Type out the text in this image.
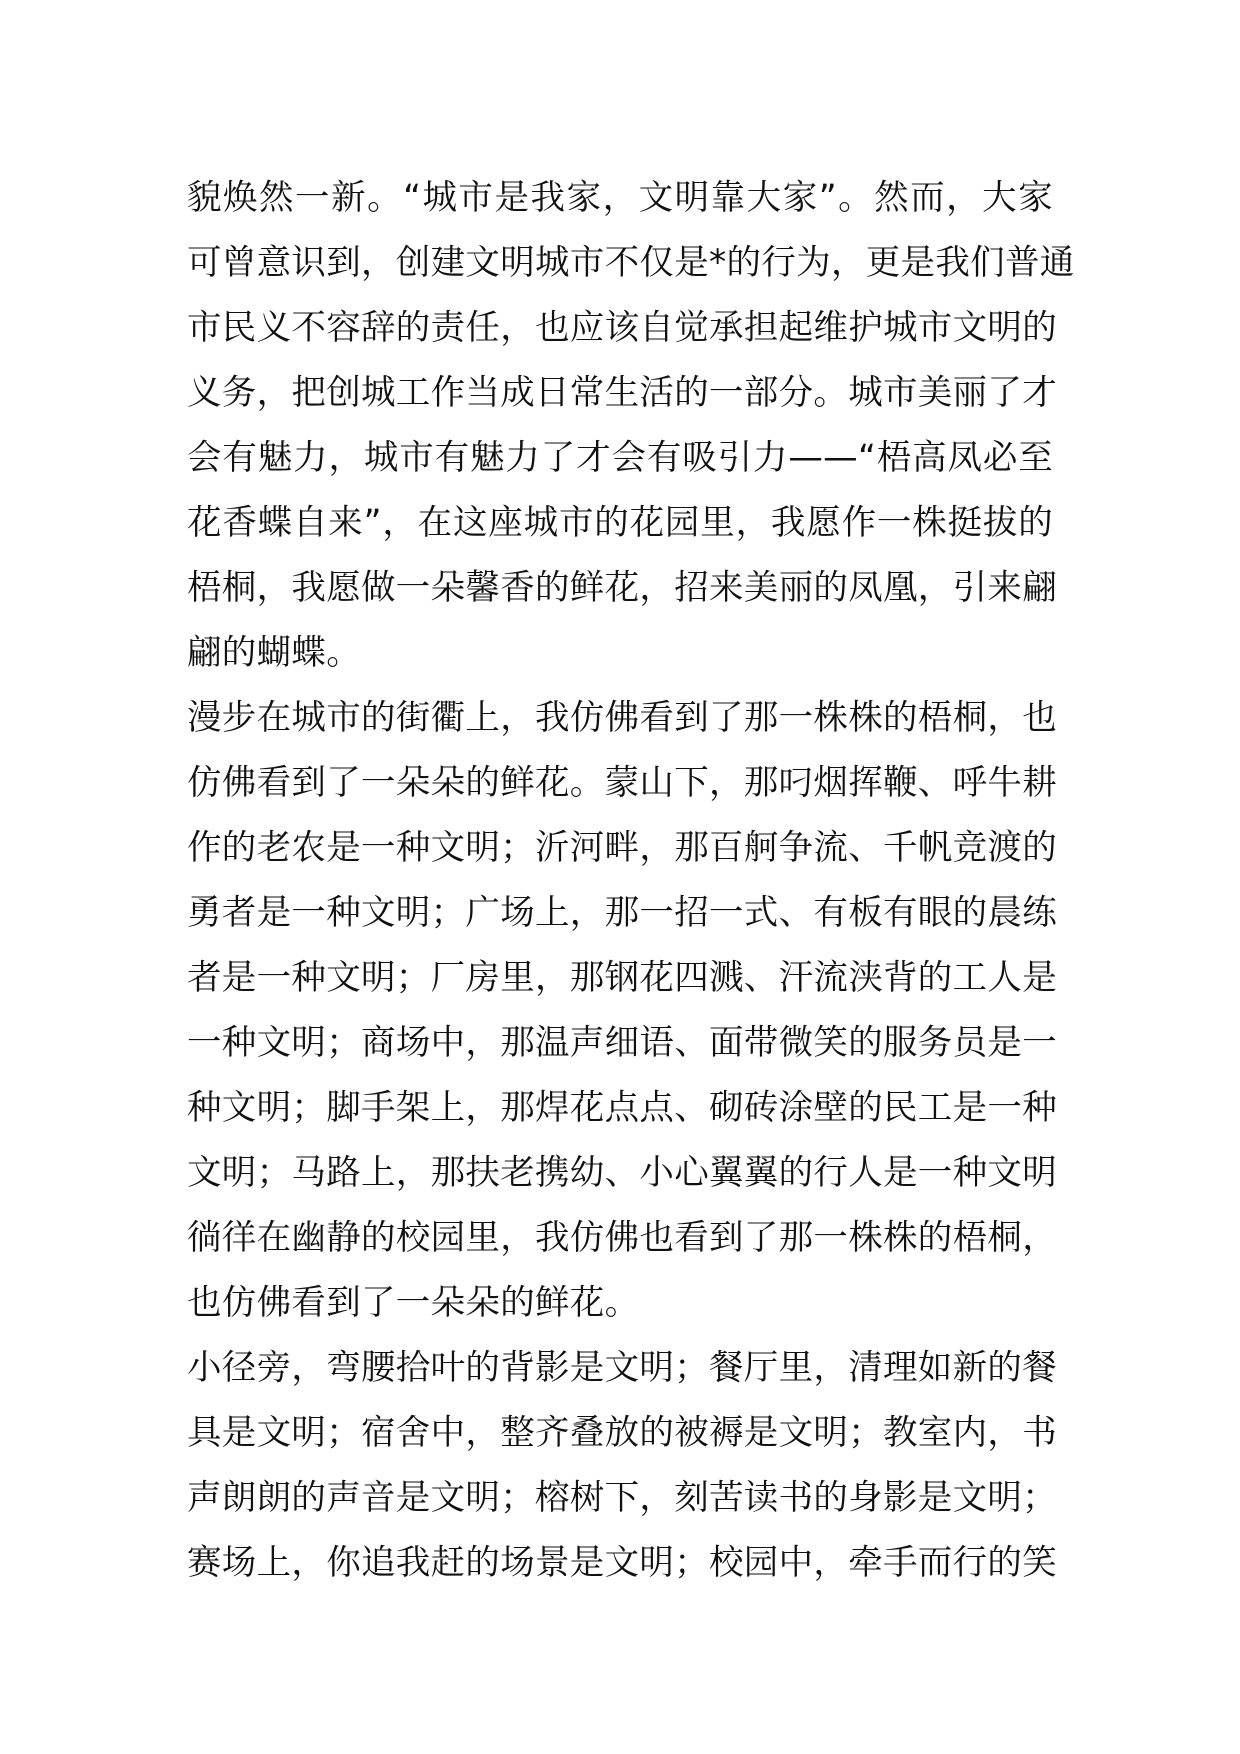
貌焕然一新。“城市是我家，文明靠大家”。然而，大家
可曾意识到，创建文明城市不仅是*的行为，更是我们普通
市民义不容辞的责任，也应该自觉承担起维护城市文明的
义务，把创城工作当成日常生活的一部分。城市美丽了才
会有魅力，城市有魅力了才会有吸引力——“梧高凤必至
花香蝶自来”，在这座城市的花园里，我愿作一株挺拔的
梧桐，我愿做一朵馨香的鲜花，招来美丽的凤凰，引来翩
翩的蝴蝶。
漫步在城市的街衢上，我仿佛看到了那一株株的梧桐，也
仿佛看到了一朵朵的鲜花。蒙山下，那叼烟挥鞭、呼牛耕
作的老农是一种文明；沂河畔，那百舸争流、千帆竞渡的
勇者是一种文明；广场上，那一招一式、有板有眼的晨练
者是一种文明；厂房里，那钢花四溅、汗流浃背的工人是
一种文明；商场中，那温声细语、面带微笑的服务员是一
种文明；脚手架上，那焊花点点、砌砖涂壁的民工是一种
文明；马路上，那扶老携幼、小心翼翼的行人是一种文明
徜徉在幽静的校园里，我仿佛也看到了那一株株的梧桐，
也仿佛看到了一朵朵的鲜花。
小径旁，弯腰拾叶的背影是文明；餐厅里，清理如新的餐
具是文明；宿舍中，整齐叠放的被褥是文明；教室内，书
声朗朗的声音是文明；榕树下，刻苦读书的身影是文明；
赛场上，你追我赶的场景是文明；校园中，牵手而行的笑
